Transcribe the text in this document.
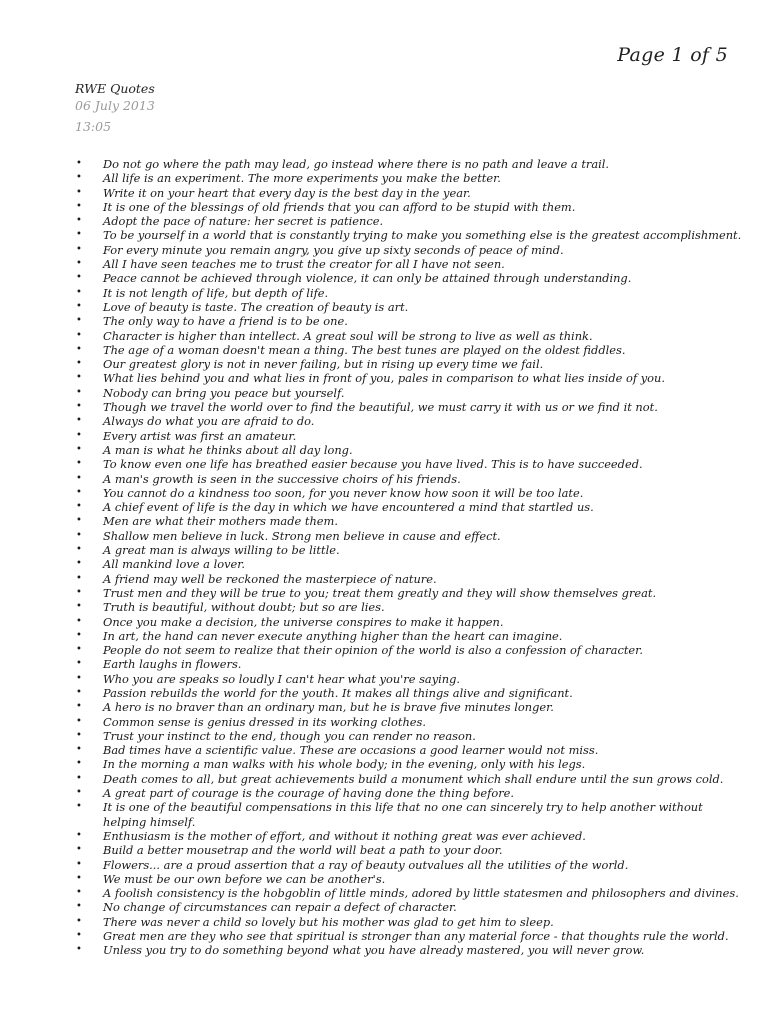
Page 1 of 5
RWE Quotes
06 July 2013
13:05
• Do not go where the path may lead, go instead where there is no path and leave a trail.
• All life is an experiment. The more experiments you make the better.
• Write it on your heart that every day is the best day in the year.
• It is one of the blessings of old friends that you can afford to be stupid with them.
• Adopt the pace of nature: her secret is patience.
• To be yourself in a world that is constantly trying to make you something else is the greatest accomplishment.
• For every minute you remain angry, you give up sixty seconds of peace of mind.
• All I have seen teaches me to trust the creator for all I have not seen.
• Peace cannot be achieved through violence, it can only be attained through understanding.
• It is not length of life, but depth of life.
• Love of beauty is taste. The creation of beauty is art.
• The only way to have a friend is to be one.
• Character is higher than intellect. A great soul will be strong to live as well as think.
• The age of a woman doesn't mean a thing. The best tunes are played on the oldest fiddles.
• Our greatest glory is not in never failing, but in rising up every time we fail.
• What lies behind you and what lies in front of you, pales in comparison to what lies inside of you.
• Nobody can bring you peace but yourself.
• Though we travel the world over to find the beautiful, we must carry it with us or we find it not.
• Always do what you are afraid to do.
• Every artist was first an amateur.
• A man is what he thinks about all day long.
• To know even one life has breathed easier because you have lived. This is to have succeeded.
• A man's growth is seen in the successive choirs of his friends.
• You cannot do a kindness too soon, for you never know how soon it will be too late.
• A chief event of life is the day in which we have encountered a mind that startled us.
• Men are what their mothers made them.
• Shallow men believe in luck. Strong men believe in cause and effect.
• A great man is always willing to be little.
• All mankind love a lover.
• A friend may well be reckoned the masterpiece of nature.
• Trust men and they will be true to you; treat them greatly and they will show themselves great.
• Truth is beautiful, without doubt; but so are lies.
• Once you make a decision, the universe conspires to make it happen.
• In art, the hand can never execute anything higher than the heart can imagine.
• People do not seem to realize that their opinion of the world is also a confession of character.
• Earth laughs in flowers.
• Who you are speaks so loudly I can't hear what you're saying.
• Passion rebuilds the world for the youth. It makes all things alive and significant.
• A hero is no braver than an ordinary man, but he is brave five minutes longer.
• Common sense is genius dressed in its working clothes.
• Trust your instinct to the end, though you can render no reason.
• Bad times have a scientific value. These are occasions a good learner would not miss.
• In the morning a man walks with his whole body; in the evening, only with his legs.
• Death comes to all, but great achievements build a monument which shall endure until the sun grows cold.
• A great part of courage is the courage of having done the thing before.
• It is one of the beautiful compensations in this life that no one can sincerely try to help another without helping himself.
• Enthusiasm is the mother of effort, and without it nothing great was ever achieved.
• Build a better mousetrap and the world will beat a path to your door.
• Flowers... are a proud assertion that a ray of beauty outvalues all the utilities of the world.
• We must be our own before we can be another's.
• A foolish consistency is the hobgoblin of little minds, adored by little statesmen and philosophers and divines.
• No change of circumstances can repair a defect of character.
• There was never a child so lovely but his mother was glad to get him to sleep.
• Great men are they who see that spiritual is stronger than any material force - that thoughts rule the world.
• Unless you try to do something beyond what you have already mastered, you will never grow.
